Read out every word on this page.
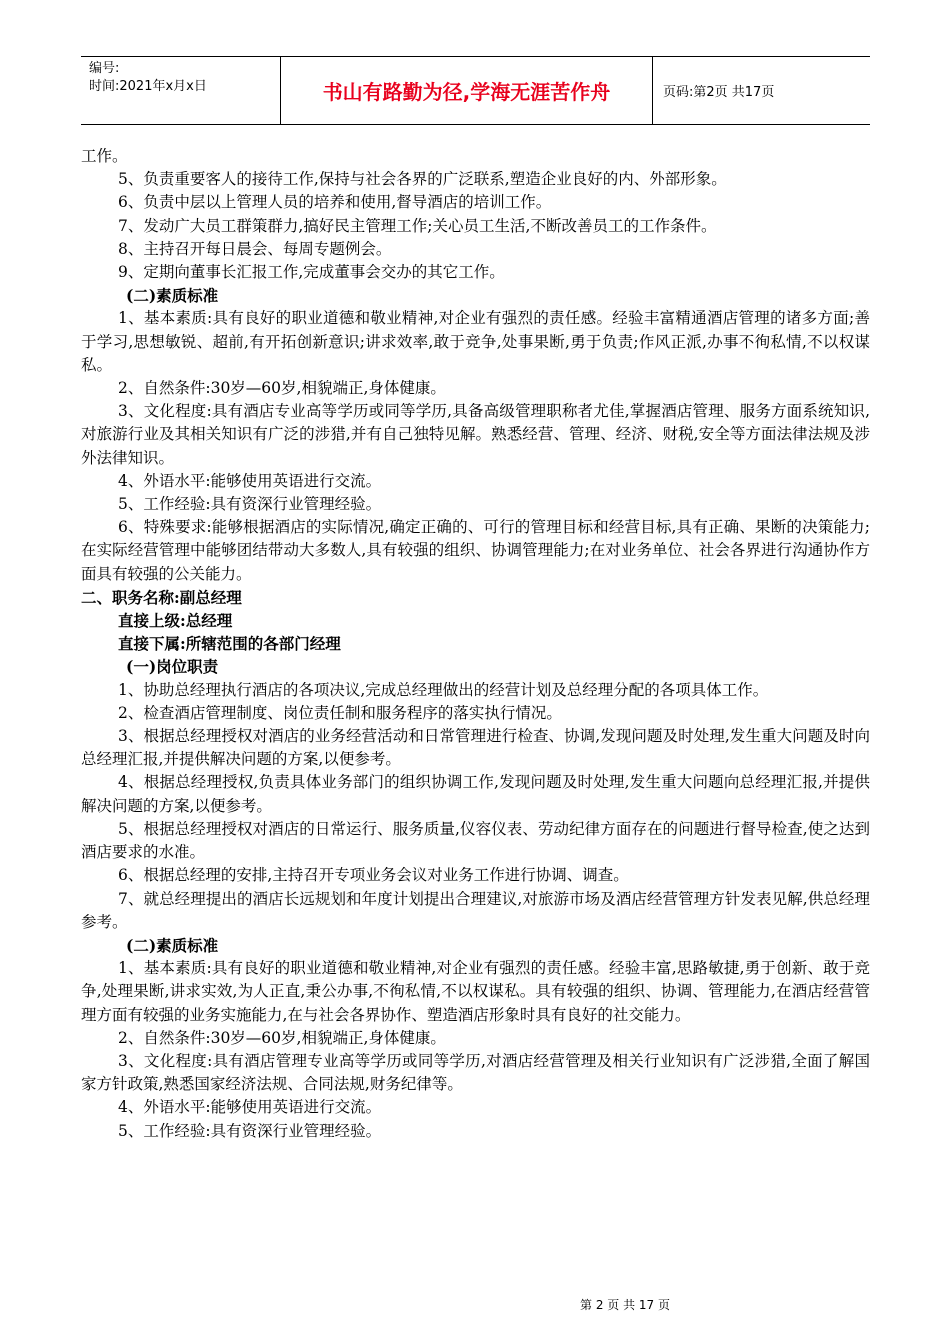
编号:
时间:2021年x月x日	书山有路勤为径,学海无涯苦作舟	页码:第2页 共17页

工作。

5、负责重要客人的接待工作,保持与社会各界的广泛联系,塑造企业良好的内、外部形象。

6、负责中层以上管理人员的培养和使用,督导酒店的培训工作。

7、发动广大员工群策群力,搞好民主管理工作;关心员工生活,不断改善员工的工作条件。

8、主持召开每日晨会、每周专题例会。

9、定期向董事长汇报工作,完成董事会交办的其它工作。

(二)素质标准

1、基本素质:具有良好的职业道德和敬业精神,对企业有强烈的责任感。经验丰富精通酒店管理的诸多方面;善于学习,思想敏锐、超前,有开拓创新意识;讲求效率,敢于竞争,处事果断,勇于负责;作风正派,办事不徇私情,不以权谋私。

2、自然条件:30岁—60岁,相貌端正,身体健康。

3、文化程度:具有酒店专业高等学历或同等学历,具备高级管理职称者尤佳,掌握酒店管理、服务方面系统知识,对旅游行业及其相关知识有广泛的涉猎,并有自己独特见解。熟悉经营、管理、经济、财税,安全等方面法律法规及涉外法律知识。

4、外语水平:能够使用英语进行交流。

5、工作经验:具有资深行业管理经验。

6、特殊要求:能够根据酒店的实际情况,确定正确的、可行的管理目标和经营目标,具有正确、果断的决策能力;在实际经营管理中能够团结带动大多数人,具有较强的组织、协调管理能力;在对业务单位、社会各界进行沟通协作方面具有较强的公关能力。

二、职务名称:副总经理

直接上级:总经理

直接下属:所辖范围的各部门经理

(一)岗位职责

1、协助总经理执行酒店的各项决议,完成总经理做出的经营计划及总经理分配的各项具体工作。

2、检查酒店管理制度、岗位责任制和服务程序的落实执行情况。

3、根据总经理授权对酒店的业务经营活动和日常管理进行检查、协调,发现问题及时处理,发生重大问题及时向总经理汇报,并提供解决问题的方案,以便参考。

4、根据总经理授权,负责具体业务部门的组织协调工作,发现问题及时处理,发生重大问题向总经理汇报,并提供解决问题的方案,以便参考。

5、根据总经理授权对酒店的日常运行、服务质量,仪容仪表、劳动纪律方面存在的问题进行督导检查,使之达到酒店要求的水准。

6、根据总经理的安排,主持召开专项业务会议对业务工作进行协调、调查。

7、就总经理提出的酒店长远规划和年度计划提出合理建议,对旅游市场及酒店经营管理方针发表见解,供总经理参考。

(二)素质标准

1、基本素质:具有良好的职业道德和敬业精神,对企业有强烈的责任感。经验丰富,思路敏捷,勇于创新、敢于竞争,处理果断,讲求实效,为人正直,秉公办事,不徇私情,不以权谋私。具有较强的组织、协调、管理能力,在酒店经营管理方面有较强的业务实施能力,在与社会各界协作、塑造酒店形象时具有良好的社交能力。

2、自然条件:30岁—60岁,相貌端正,身体健康。

3、文化程度:具有酒店管理专业高等学历或同等学历,对酒店经营管理及相关行业知识有广泛涉猎,全面了解国家方针政策,熟悉国家经济法规、合同法规,财务纪律等。

4、外语水平:能够使用英语进行交流。

5、工作经验:具有资深行业管理经验。

第 2 页 共 17 页
